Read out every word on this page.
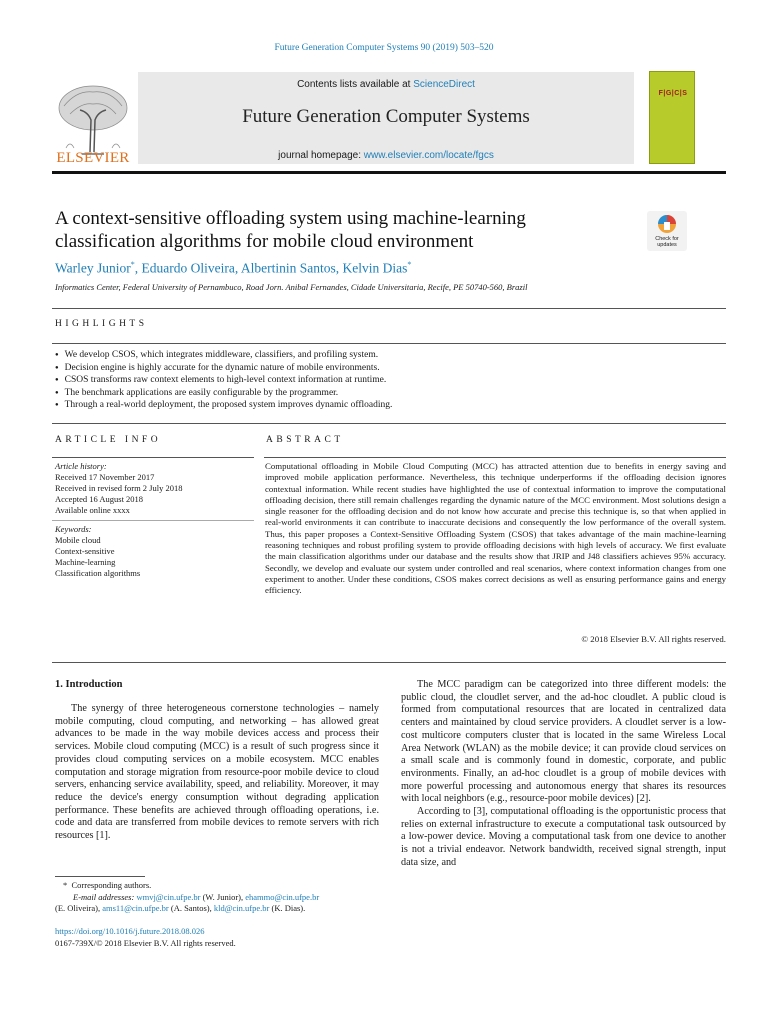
Future Generation Computer Systems 90 (2019) 503–520
Contents lists available at ScienceDirect
Future Generation Computer Systems
journal homepage: www.elsevier.com/locate/fgcs
ELSEVIER
F|G|C|S
A context-sensitive offloading system using machine-learning classification algorithms for mobile cloud environment	Check for updates
Warley Junior*, Eduardo Oliveira, Albertinin Santos, Kelvin Dias*
Informatics Center, Federal University of Pernambuco, Road Jorn. Anibal Fernandes, Cidade Universitaria, Recife, PE 50740-560, Brazil
HIGHLIGHTS
● We develop CSOS, which integrates middleware, classifiers, and profiling system.
● Decision engine is highly accurate for the dynamic nature of mobile environments.
● CSOS transforms raw context elements to high-level context information at runtime.
● The benchmark applications are easily configurable by the programmer.
● Through a real-world deployment, the proposed system improves dynamic offloading.
ARTICLE INFO	ABSTRACT
Article history:
Received 17 November 2017
Received in revised form 2 July 2018
Accepted 16 August 2018
Available online xxxx
Keywords:
Mobile cloud
Context-sensitive
Machine-learning
Classification algorithms
Computational offloading in Mobile Cloud Computing (MCC) has attracted attention due to benefits in energy saving and improved mobile application performance. Nevertheless, this technique underperforms if the offloading decision ignores contextual information. While recent studies have highlighted the use of contextual information to improve the computational offloading decision, there still remain challenges regarding the dynamic nature of the MCC environment. Most solutions design a single reasoner for the offloading decision and do not know how accurate and precise this technique is, so that when applied in real-world environments it can contribute to inaccurate decisions and consequently the low performance of the overall system. Thus, this paper proposes a Context-Sensitive Offloading System (CSOS) that takes advantage of the main machine-learning reasoning techniques and robust profiling system to provide offloading decisions with high levels of accuracy. We first evaluate the main classification algorithms under our database and the results show that JRIP and J48 classifiers achieves 95% accuracy. Secondly, we develop and evaluate our system under controlled and real scenarios, where context information changes from one experiment to another. Under these conditions, CSOS makes correct decisions as well as ensuring performance gains and energy efficiency.
© 2018 Elsevier B.V. All rights reserved.
1. Introduction
The synergy of three heterogeneous cornerstone technologies – namely mobile computing, cloud computing, and networking – has allowed great advances to be made in the way mobile devices access and process their services. Mobile cloud computing (MCC) is a result of such progress since it provides cloud computing services on a mobile ecosystem. MCC enables computation and storage migration from resource-poor mobile device to cloud servers, enhancing service availability, speed, and reliability. Moreover, it may reduce the device's energy consumption without degrading application performance. These benefits are achieved through offloading operations, i.e. code and data are transferred from mobile devices to remote servers with rich resources [1].

The MCC paradigm can be categorized into three different models: the public cloud, the cloudlet server, and the ad-hoc cloudlet. A public cloud is formed from computational resources that are located in centralized data centers and maintained by cloud service providers. A cloudlet server is a low-cost multicore computers cluster that is located in the same Wireless Local Area Network (WLAN) as the mobile device; it can provide cloud services on a small scale and is commonly found in domestic, corporate, and public environments. Finally, an ad-hoc cloudlet is a group of mobile devices with more powerful processing and autonomous energy that shares its resources with local neighbors (e.g., resource-poor mobile devices) [2].

According to [3], computational offloading is the opportunistic process that relies on external infrastructure to execute a computational task outsourced by a low-power device. Moving a computational task from one device to another is not a trivial endeavor. Network bandwidth, received signal strength, input data size, and

* Corresponding authors.
E-mail addresses: wmvj@cin.ufpe.br (W. Junior), ehammo@cin.ufpe.br
(E. Oliveira), ams11@cin.ufpe.br (A. Santos), kld@cin.ufpe.br (K. Dias).
https://doi.org/10.1016/j.future.2018.08.026
0167-739X/© 2018 Elsevier B.V. All rights reserved.
